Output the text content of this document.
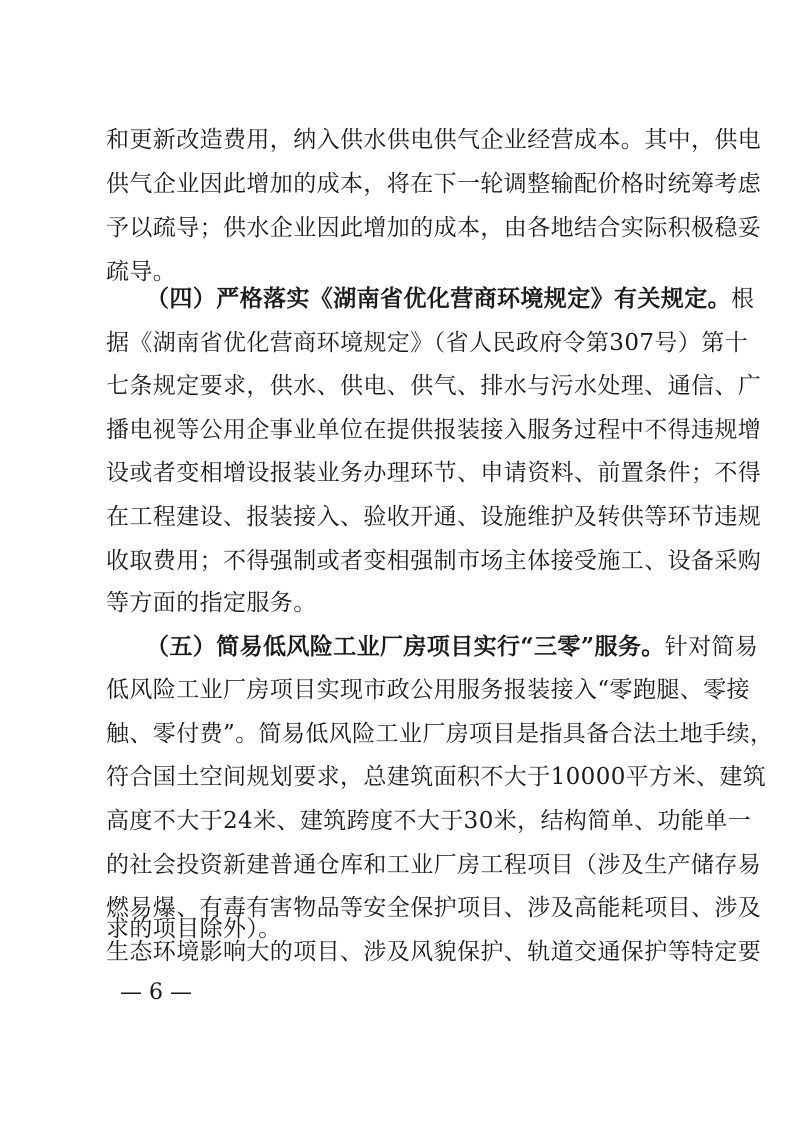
和更新改造费用，纳入供水供电供气企业经营成本。其中，供电
供气企业因此增加的成本，将在下一轮调整输配价格时统筹考虑
予以疏导；供水企业因此增加的成本，由各地结合实际积极稳妥
疏导。
（四）严格落实《湖南省优化营商环境规定》有关规定。根
据《湖南省优化营商环境规定》（省人民政府令第307号）第十
七条规定要求，供水、供电、供气、排水与污水处理、通信、广
播电视等公用企事业单位在提供报装接入服务过程中不得违规增
设或者变相增设报装业务办理环节、申请资料、前置条件；不得
在工程建设、报装接入、验收开通、设施维护及转供等环节违规
收取费用；不得强制或者变相强制市场主体接受施工、设备采购
等方面的指定服务。
（五）简易低风险工业厂房项目实行“三零”服务。针对简易
低风险工业厂房项目实现市政公用服务报装接入“零跑腿、零接
触、零付费”。简易低风险工业厂房项目是指具备合法土地手续，
符合国土空间规划要求，总建筑面积不大于10000平方米、建筑
高度不大于24米、建筑跨度不大于30米，结构简单、功能单一
的社会投资新建普通仓库和工业厂房工程项目（涉及生产储存易
燃易爆、有毒有害物品等安全保护项目、涉及高能耗项目、涉及
生态环境影响大的项目、涉及风貌保护、轨道交通保护等特定要
求的项目除外）。
— 6 —
